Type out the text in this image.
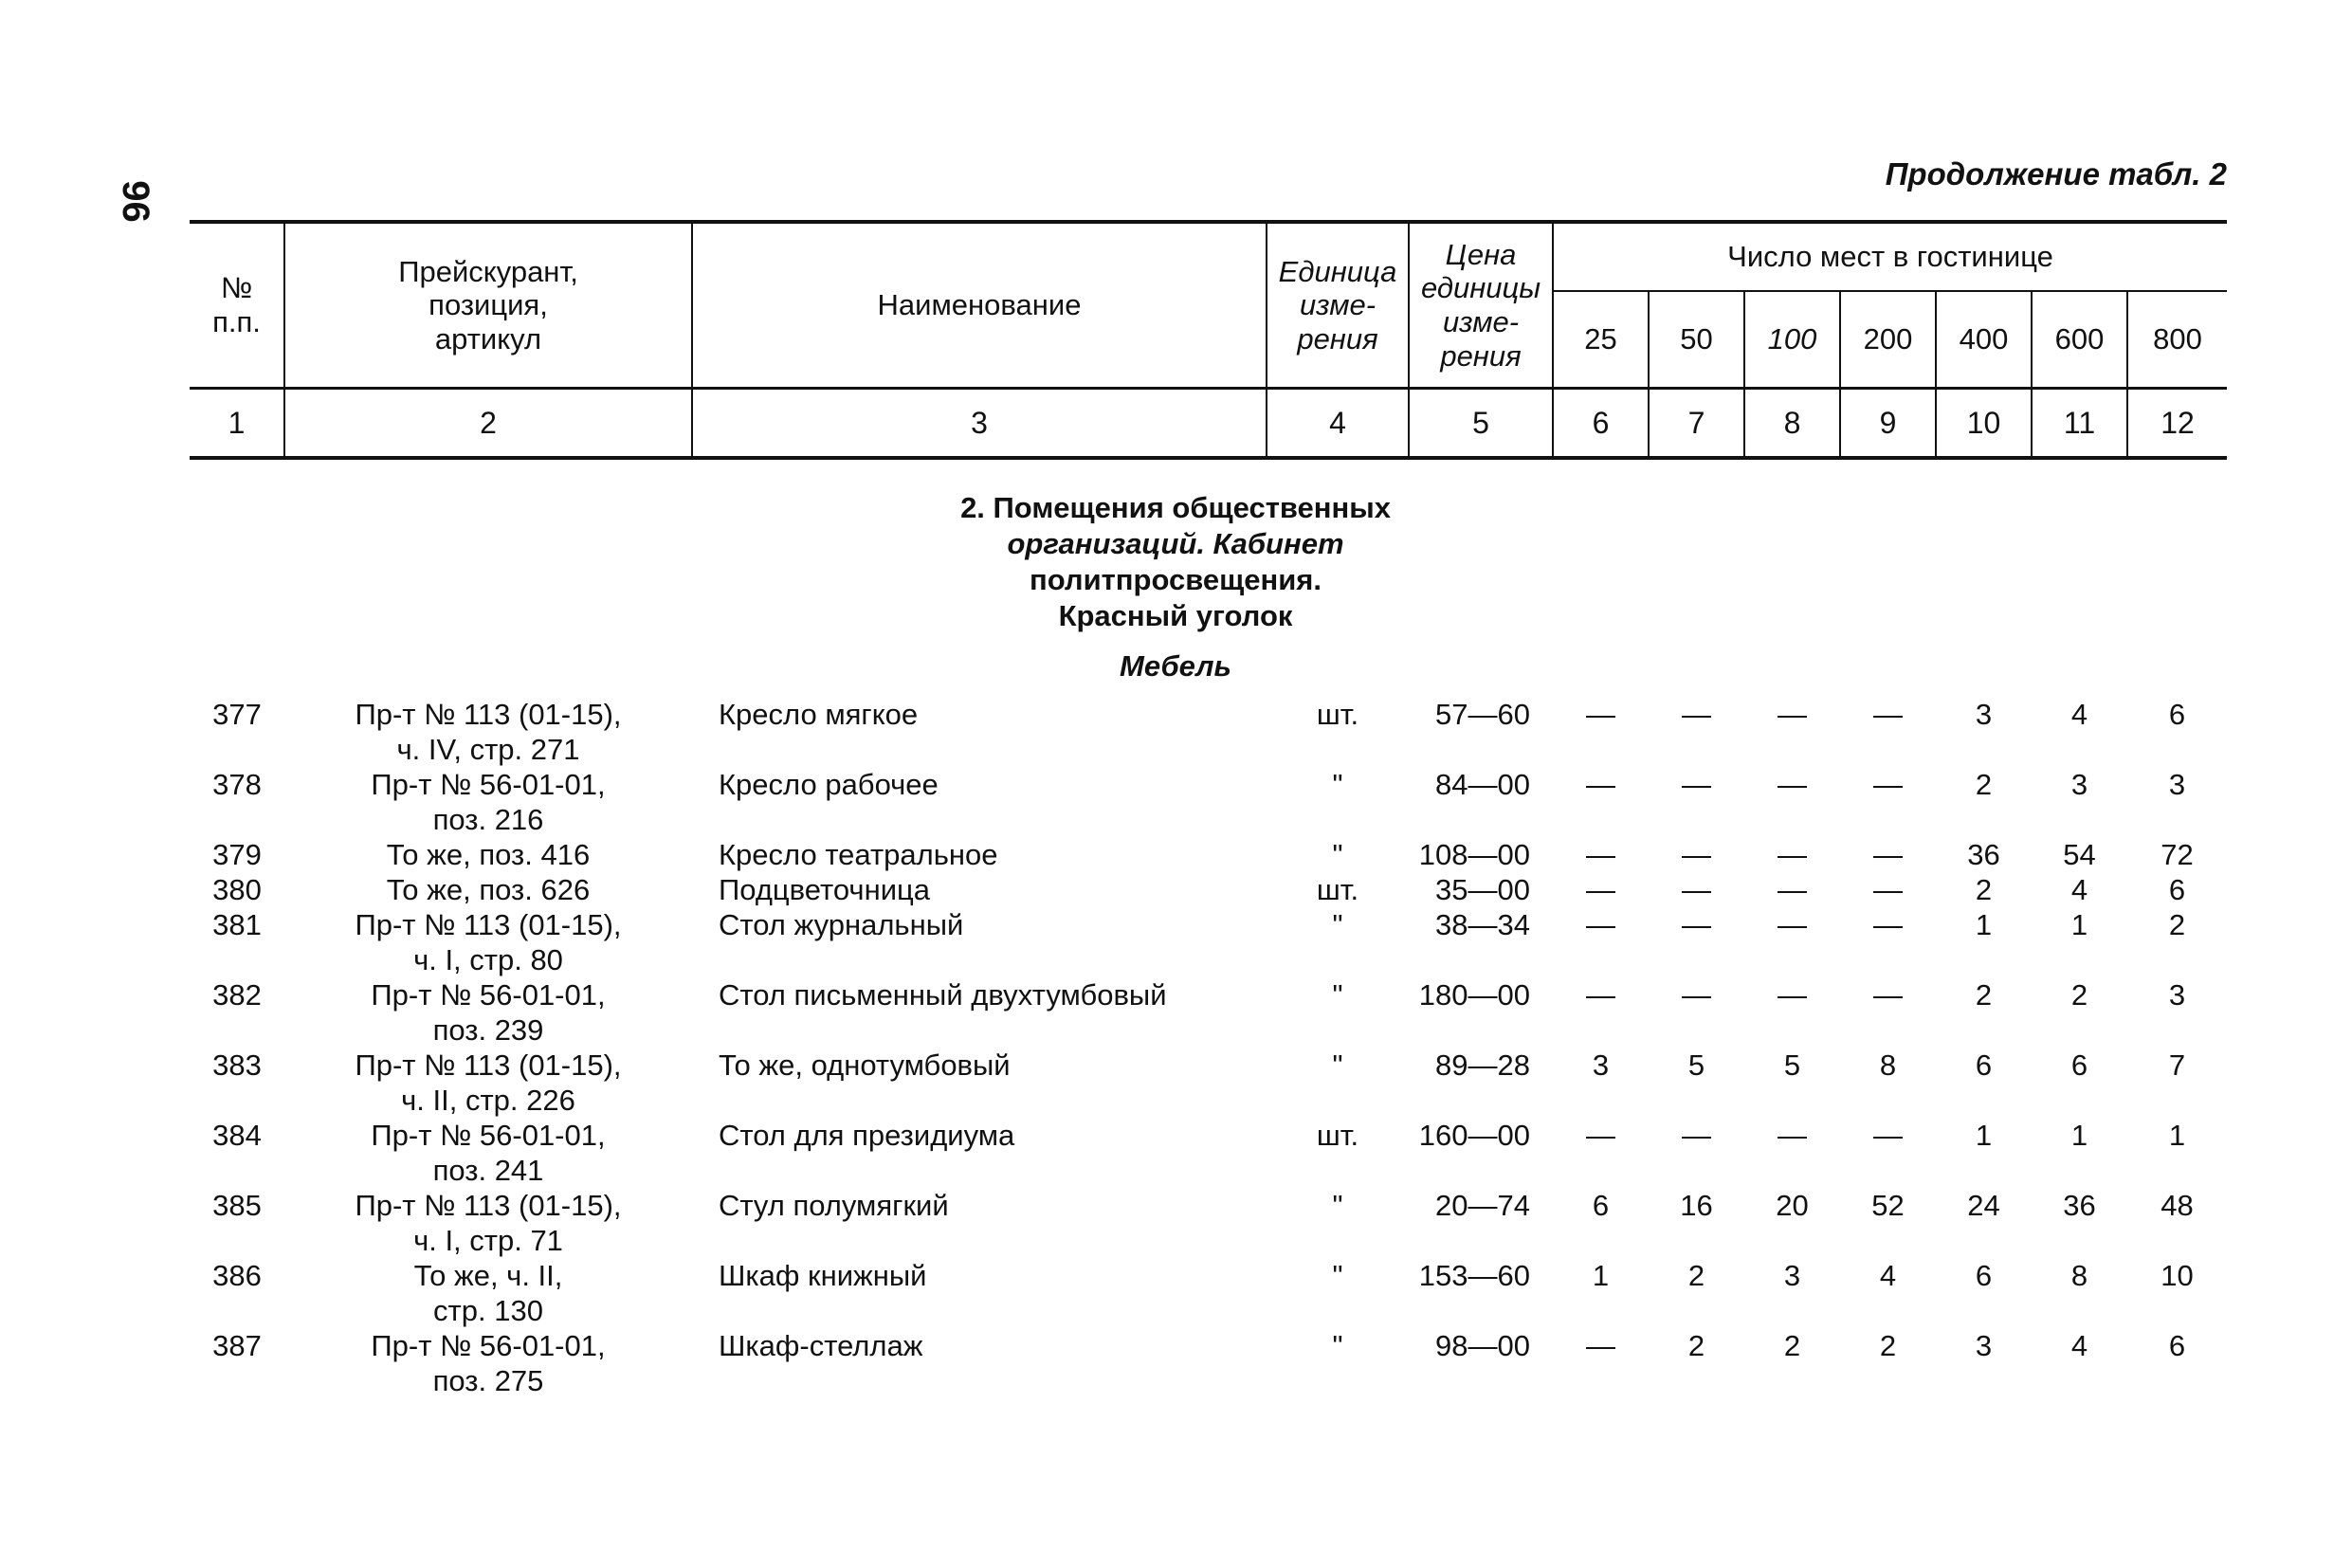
96
Продолжение табл. 2
№
п.п.	Прейскурант,
позиция,
артикул	Наименование	Единица
изме-
рения	Цена
единицы
изме-
рения	Число мест в гостинице						
					25	50	100	200	400	600	800
1	2	3	4	5	6	7	8	9	10	11	12
2. Помещения общественных
организаций. Кабинет
политпросвещения.
Красный уголок
Мебель
377	Пр-т № 113 (01-15),
ч. IV, стр. 271	Кресло мягкое	шт.	57—60	—	—	—	—	3	4	6
378	Пр-т № 56-01-01,
поз. 216	Кресло рабочее	"	84—00	—	—	—	—	2	3	3
379	То же, поз. 416	Кресло театральное	"	108—00	—	—	—	—	36	54	72
380	То же, поз. 626	Подцветочница	шт.	35—00	—	—	—	—	2	4	6
381	Пр-т № 113 (01-15),
ч. I, стр. 80	Стол журнальный	"	38—34	—	—	—	—	1	1	2
382	Пр-т № 56-01-01,
поз. 239	Стол письменный двухтумбовый	"	180—00	—	—	—	—	2	2	3
383	Пр-т № 113 (01-15),
ч. II, стр. 226	То же, однотумбовый	"	89—28	3	5	5	8	6	6	7
384	Пр-т № 56-01-01,
поз. 241	Стол для президиума	шт.	160—00	—	—	—	—	1	1	1
385	Пр-т № 113 (01-15),
ч. I, стр. 71	Стул полумягкий	"	20—74	6	16	20	52	24	36	48
386	То же, ч. II,
стр. 130	Шкаф книжный	"	153—60	1	2	3	4	6	8	10
387	Пр-т № 56-01-01,
поз. 275	Шкаф-стеллаж	"	98—00	—	2	2	2	3	4	6
